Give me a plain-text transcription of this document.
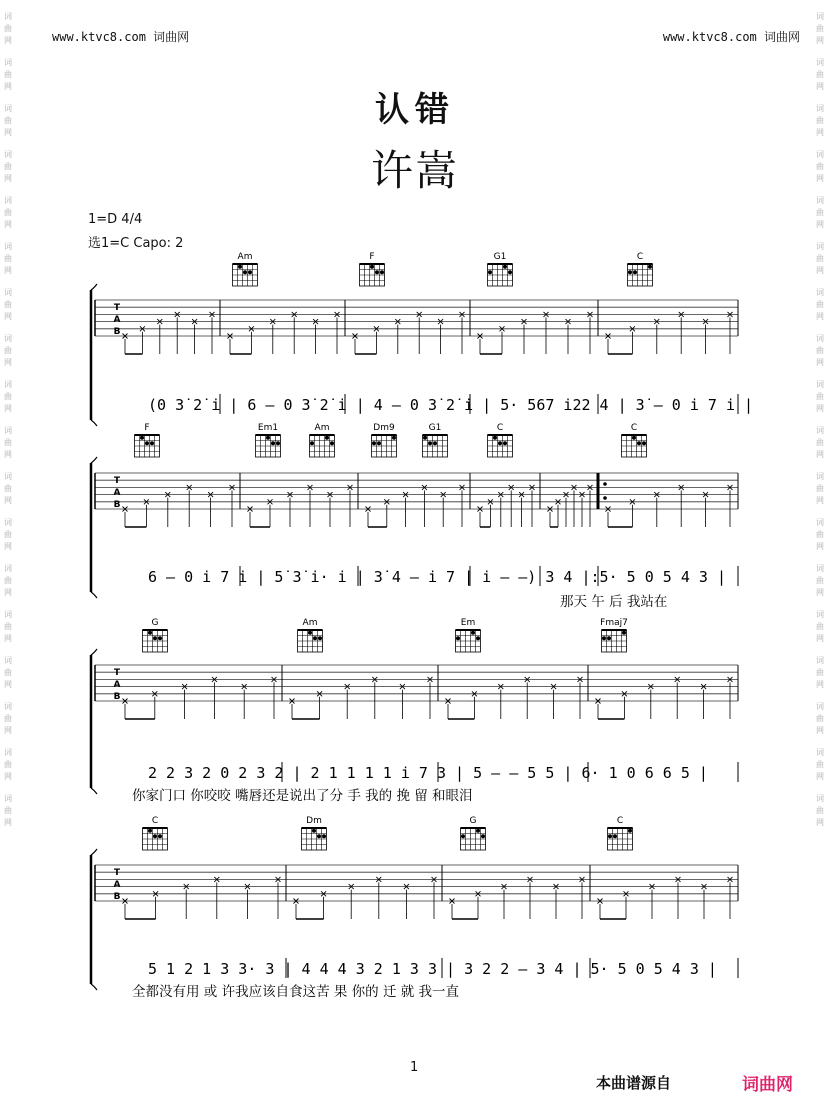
词
曲
网
词
曲
网
词
曲
网
词
曲
网
词
曲
网
词
曲
网
词
曲
网
词
曲
网
词
曲
网
词
曲
网
词
曲
网
词
曲
网
词
曲
网
词
曲
网
词
曲
网
词
曲
网
词
曲
网
词
曲
网
词
曲
网
词
曲
网
词
曲
网
词
曲
网
词
曲
网
词
曲
网
词
曲
网
词
曲
网
词
曲
网
词
曲
网
词
曲
网
词
曲
网
词
曲
网
词
曲
网
词
曲
网
词
曲
网
词
曲
网
词
曲
网
www.ktvc8.com 词曲网	www.ktvc8.com 词曲网
认错
许嵩
1=D 4/4
选1=C Capo: 2
T
A
B
Am	F	G1	C
(0 3̇ 2̇ i | 6 – 0 3̇ 2̇ i | 4 – 0 3̇ 2̇ i | 5· 567 i22 4 | 3̇ – 0 i 7 i |
T
A
B
F	Em1	Am	Dm9	G1	C	C
6 – 0 i 7 i | 5̇ 3̇ i· i | 3̇ 4 – i 7 | i – –) 3 4 |:5· 5 0 5 4 3 |
那天 午 后 我站在
T
A
B
G	Am	Em	Fmaj7
2 2 3 2 0 2 3 2 | 2 1 1 1 1 i 7 3 | 5 – – 5 5 | 6· 1 0 6 6 5 |
你家门口 你咬咬 嘴唇还是说出了分 手 我的 挽 留 和眼泪
T
A
B
C	Dm	G	C
5 1 2 1 3 3· 3 | 4 4 4 3 2 1 3 3 | 3 2 2 – 3 4 | 5· 5 0 5 4 3 |
全都没有用 或 许我应该自食这苦 果 你的 迁 就 我一直
1
本曲谱源自	词曲网
